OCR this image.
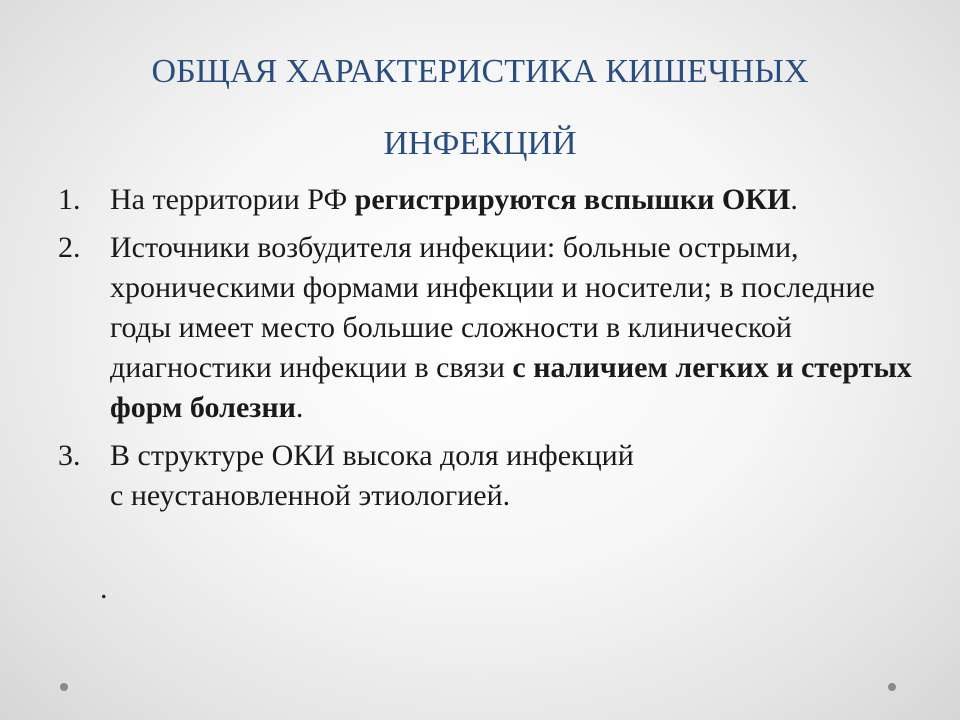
ОБЩАЯ ХАРАКТЕРИСТИКА КИШЕЧНЫХ
ИНФЕКЦИЙ
1. На территории РФ регистрируются вспышки ОКИ.
2. Источники возбудителя инфекции: больные острыми, хроническими формами инфекции и носители; в последние годы имеет место большие сложности в клинической диагностики инфекции в связи с наличием легких и стертых форм болезни.
3. В структуре ОКИ высока доля инфекций
с неустановленной этиологией.
.
